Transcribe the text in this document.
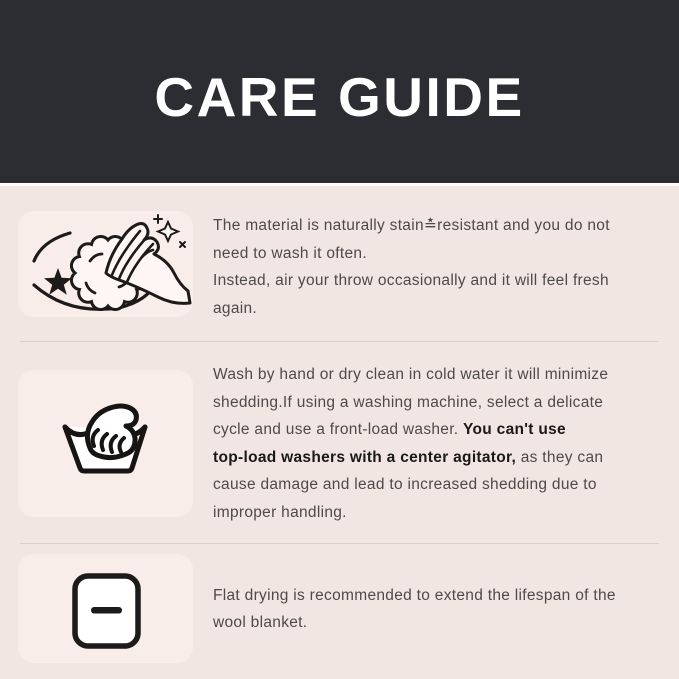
CARE GUIDE
The material is naturally stain≛resistant and you do not
need to wash it often.
Instead, air your throw occasionally and it will feel fresh
again.
Wash by hand or dry clean in cold water it will minimize
shedding.If using a washing machine, select a delicate
cycle and use a front-load washer. You can't use
top-load washers with a center agitator, as they can
cause damage and lead to increased shedding due to
improper handling.
Flat drying is recommended to extend the lifespan of the
wool blanket.
